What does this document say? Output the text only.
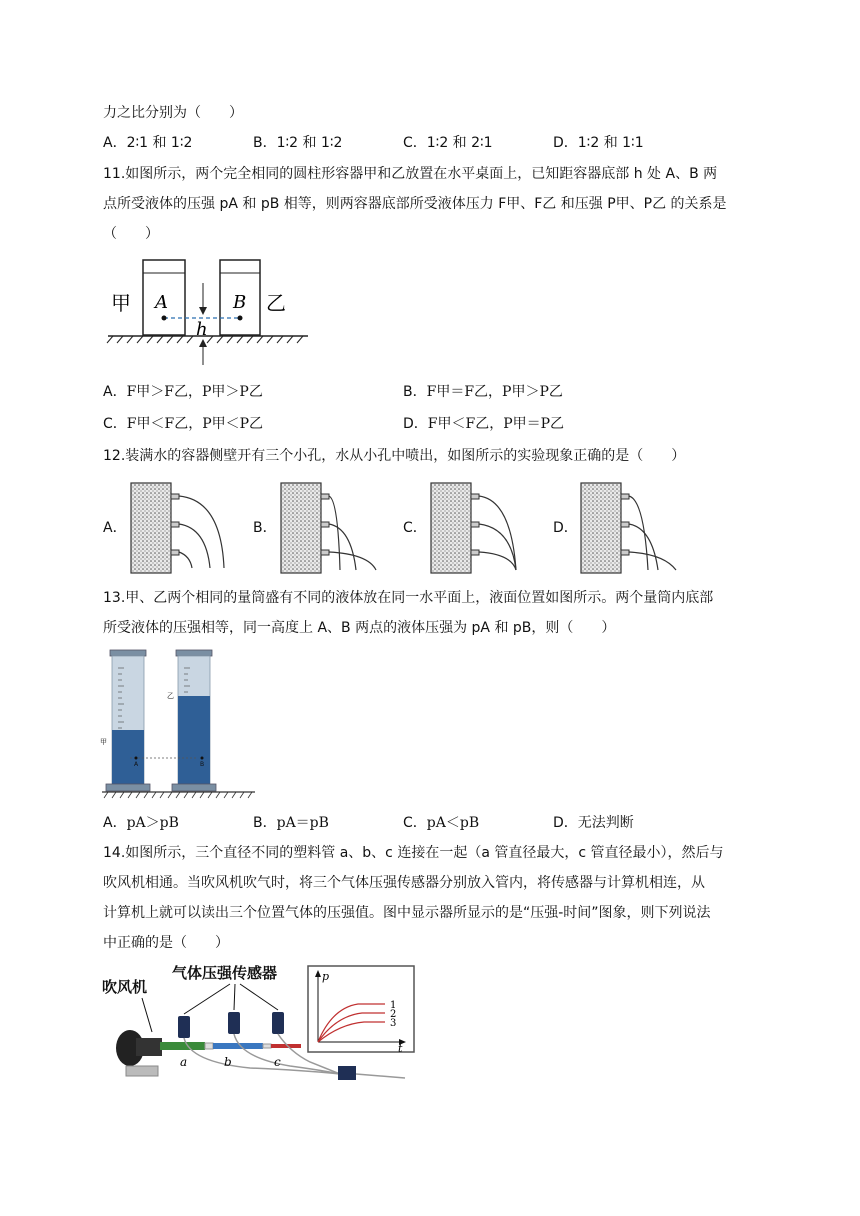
力之比分别为（　　）
A．2∶1 和 1∶2	B．1∶2 和 1∶2	C．1∶2 和 2∶1	D．1∶2 和 1∶1
11.如图所示，两个完全相同的圆柱形容器甲和乙放置在水平桌面上，已知距容器底部 h 处 A、B 两
点所受液体的压强 pA 和 pB 相等，则两容器底部所受液体压力 F甲、F乙 和压强 P甲、P乙 的关系是
（　　）
甲	乙
A	B
h
A．F甲＞F乙，P甲＞P乙	B．F甲＝F乙，P甲＞P乙
C．F甲＜F乙，P甲＜P乙	D．F甲＜F乙，P甲＝P乙
12.装满水的容器侧壁开有三个小孔，水从小孔中喷出，如图所示的实验现象正确的是（　　）
A．	B．	C．	D．
13.甲、乙两个相同的量筒盛有不同的液体放在同一水平面上，液面位置如图所示。两个量筒内底部
所受液体的压强相等，同一高度上 A、B 两点的液体压强为 pA 和 pB，则（　　）
A	B
甲
乙
A．pA＞pB	B．pA＝pB	C．pA＜pB	D．无法判断
14.如图所示，三个直径不同的塑料管 a、b、c 连接在一起（a 管直径最大，c 管直径最小），然后与
吹风机相通。当吹风机吹气时，将三个气体压强传感器分别放入管内，将传感器与计算机相连，从
计算机上就可以读出三个位置气体的压强值。图中显示器所显示的是“压强-时间”图象，则下列说法
中正确的是（　　）
吹风机
气体压强传感器
a	b	c
p
t
1
2
3
